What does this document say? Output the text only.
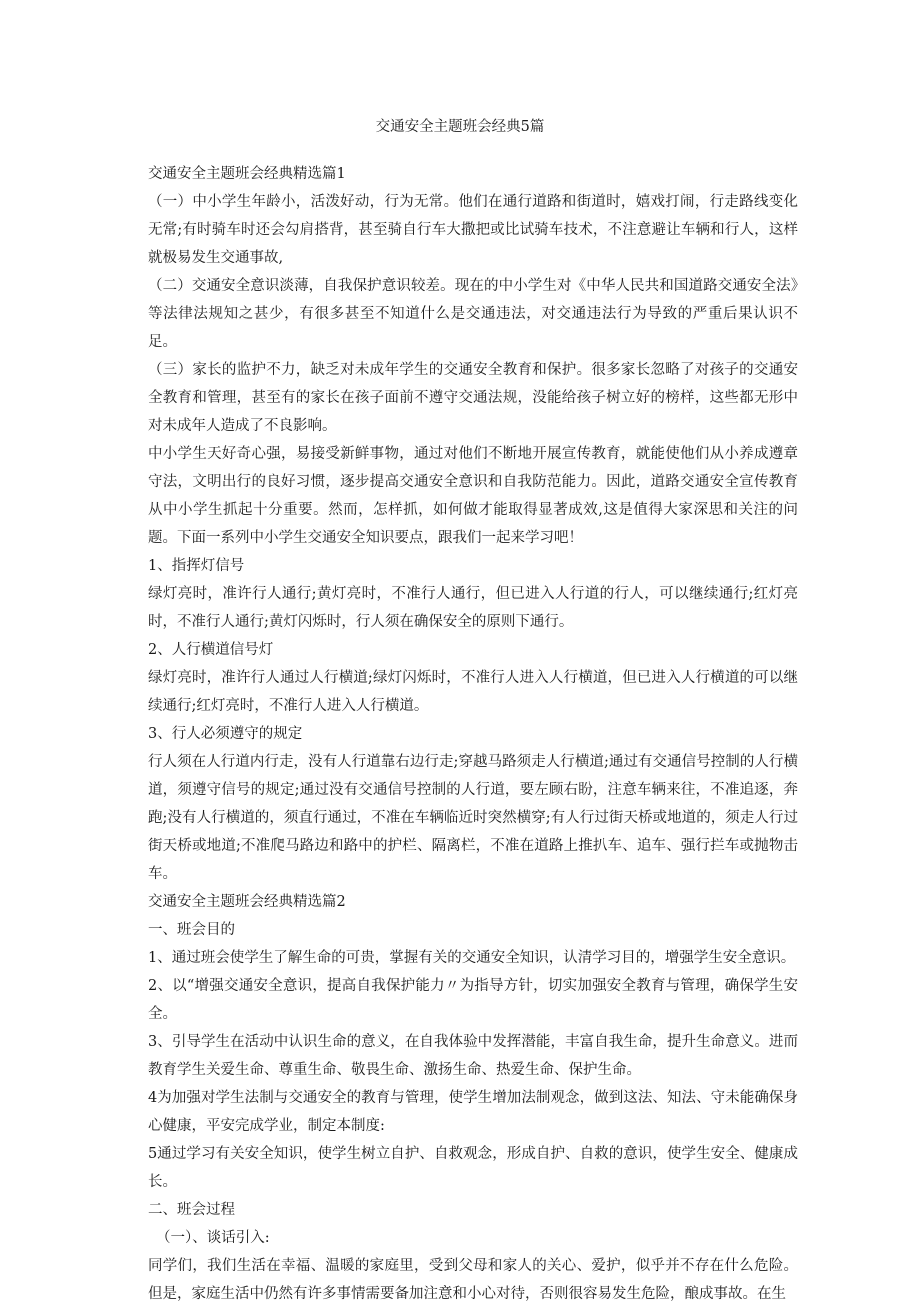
交通安全主题班会经典5篇

交通安全主题班会经典精选篇1

（一）中小学生年龄小，活泼好动，行为无常。他们在通行道路和街道时，嬉戏打闹，行走路线变化无常;有时骑车时还会勾肩搭背，甚至骑自行车大撒把或比试骑车技术，不注意避让车辆和行人，这样就极易发生交通事故,

（二）交通安全意识淡薄，自我保护意识较差。现在的中小学生对《中华人民共和国道路交通安全法》等法律法规知之甚少，有很多甚至不知道什么是交通违法，对交通违法行为导致的严重后果认识不足。

（三）家长的监护不力，缺乏对未成年学生的交通安全教育和保护。很多家长忽略了对孩子的交通安全教育和管理，甚至有的家长在孩子面前不遵守交通法规，没能给孩子树立好的榜样，这些都无形中对未成年人造成了不良影响。

中小学生天好奇心强，易接受新鲜事物，通过对他们不断地开展宣传教育，就能使他们从小养成遵章守法，文明出行的良好习惯，逐步提高交通安全意识和自我防范能力。因此，道路交通安全宣传教育从中小学生抓起十分重要。然而，怎样抓，如何做才能取得显著成效,这是值得大家深思和关注的问题。下面一系列中小学生交通安全知识要点，跟我们一起来学习吧！

1、指挥灯信号

绿灯亮时，准许行人通行;黄灯亮时，不准行人通行，但已进入人行道的行人，可以继续通行;红灯亮时，不准行人通行;黄灯闪烁时，行人须在确保安全的原则下通行。

2、人行横道信号灯

绿灯亮时，准许行人通过人行横道;绿灯闪烁时，不准行人进入人行横道，但已进入人行横道的可以继续通行;红灯亮时，不准行人进入人行横道。

3、行人必须遵守的规定

行人须在人行道内行走，没有人行道靠右边行走;穿越马路须走人行横道;通过有交通信号控制的人行横道，须遵守信号的规定;通过没有交通信号控制的人行道，要左顾右盼，注意车辆来往，不准追逐，奔跑;没有人行横道的，须直行通过，不准在车辆临近时突然横穿;有人行过街天桥或地道的，须走人行过街天桥或地道;不准爬马路边和路中的护栏、隔离栏，不准在道路上推扒车、追车、强行拦车或抛物击车。

交通安全主题班会经典精选篇2

一、班会目的

1、通过班会使学生了解生命的可贵，掌握有关的交通安全知识，认清学习目的，增强学生安全意识。

2、以“增强交通安全意识，提高自我保护能力〃为指导方针，切实加强安全教育与管理，确保学生安全。

3、引导学生在活动中认识生命的意义，在自我体验中发挥潜能，丰富自我生命，提升生命意义。进而教育学生关爱生命、尊重生命、敬畏生命、激扬生命、热爱生命、保护生命。

4为加强对学生法制与交通安全的教育与管理，使学生增加法制观念，做到这法、知法、守未能确保身心健康，平安完成学业，制定本制度:

5通过学习有关安全知识，使学生树立自护、自救观念，形成自护、自救的意识，使学生安全、健康成长。

二、班会过程

（一）、谈话引入:

同学们，我们生活在幸福、温暖的家庭里，受到父母和家人的关心、爱护，似乎并不存在什么危险。但是，家庭生活中仍然有许多事情需要备加注意和小心对待，否则很容易发生危险，酿成事故。在生
